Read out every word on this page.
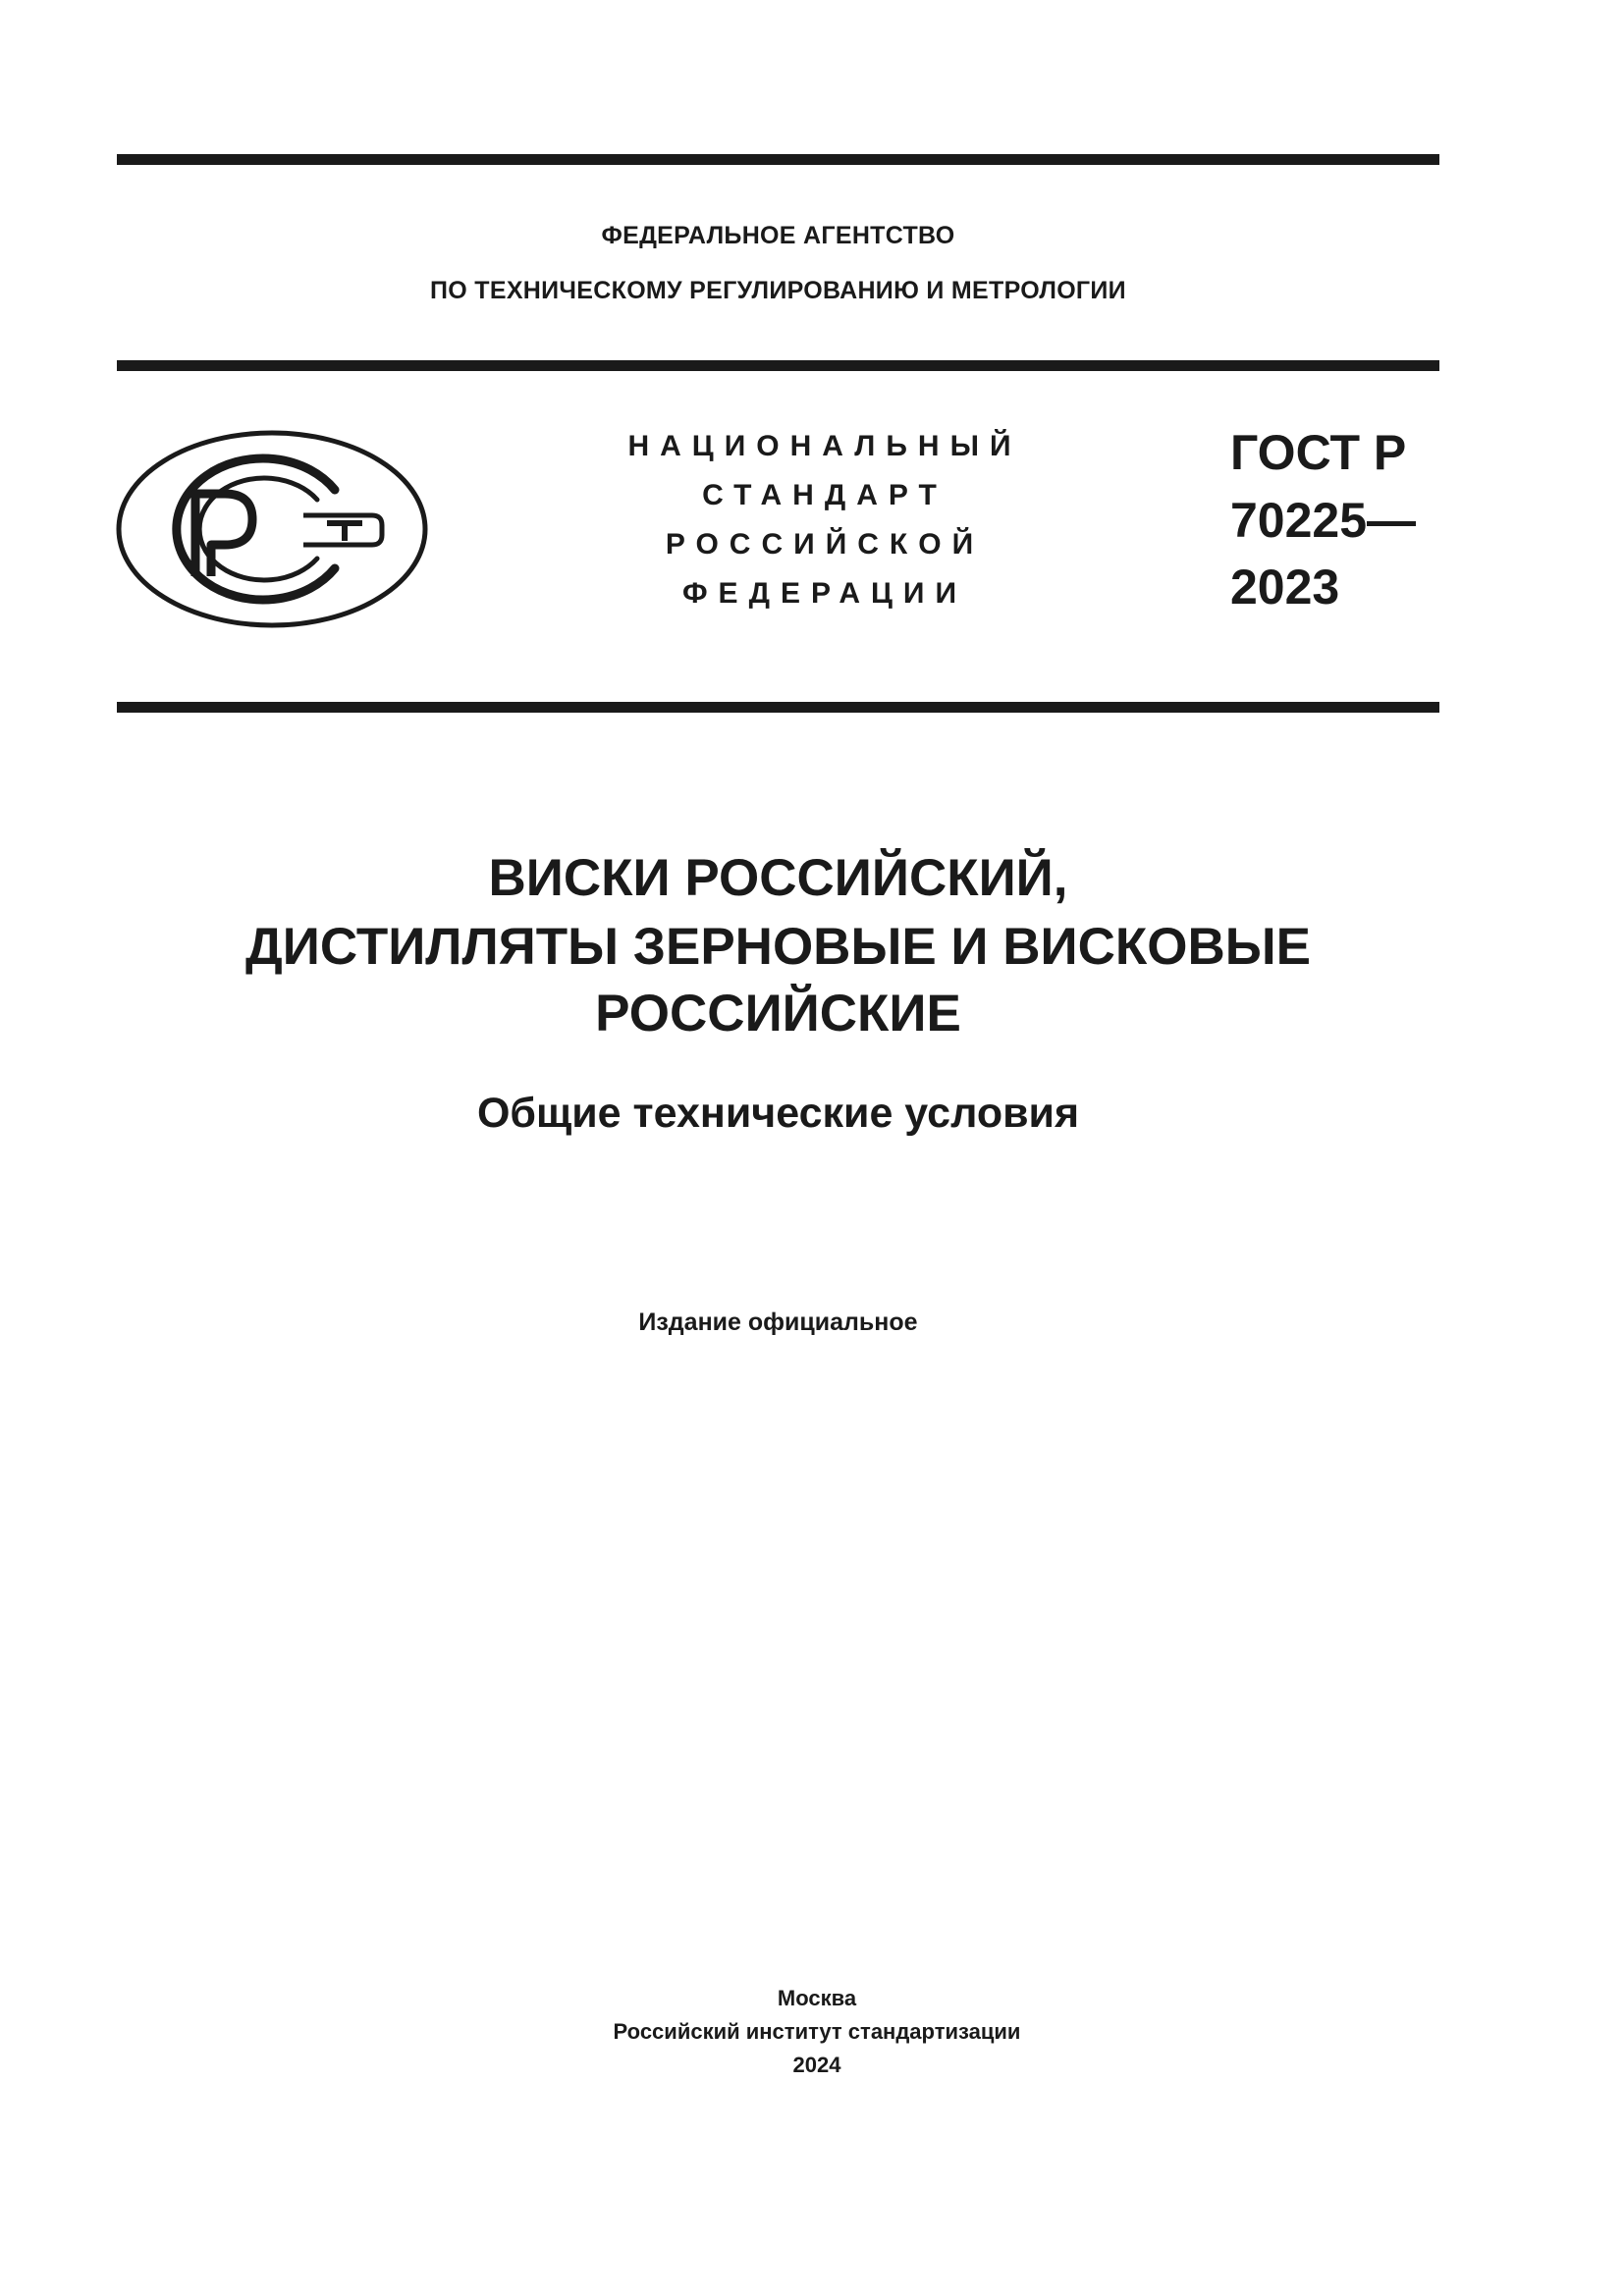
ФЕДЕРАЛЬНОЕ АГЕНТСТВО
ПО ТЕХНИЧЕСКОМУ РЕГУЛИРОВАНИЮ И МЕТРОЛОГИИ
НАЦИОНАЛЬНЫЙ
СТАНДАРТ
РОССИЙСКОЙ
ФЕДЕРАЦИИ
ГОСТ Р
70225—
2023
ВИСКИ РОССИЙСКИЙ,
ДИСТИЛЛЯТЫ ЗЕРНОВЫЕ И ВИСКОВЫЕ
РОССИЙСКИЕ
Общие технические условия
Издание официальное
Москва
Российский институт стандартизации
2024
